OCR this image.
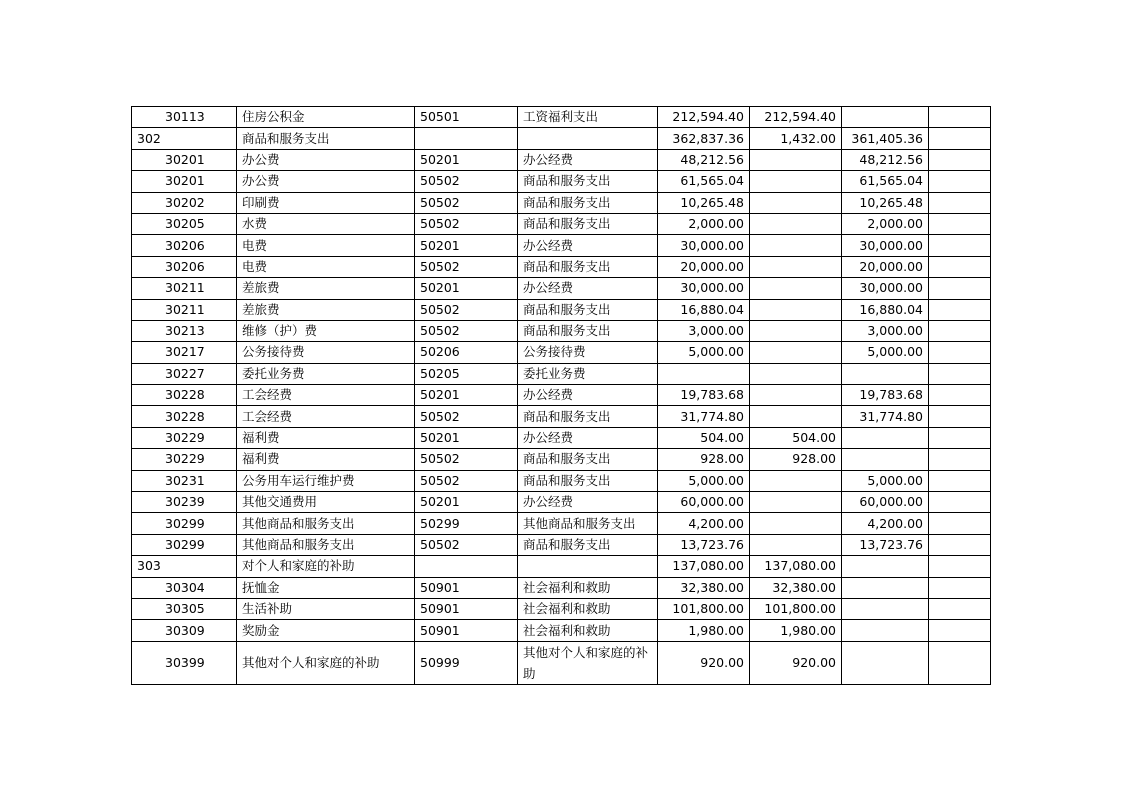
30113	住房公积金	50501	工资福利支出	212,594.40	212,594.40		
302	商品和服务支出			362,837.36	1,432.00	361,405.36	
30201	办公费	50201	办公经费	48,212.56		48,212.56	
30201	办公费	50502	商品和服务支出	61,565.04		61,565.04	
30202	印刷费	50502	商品和服务支出	10,265.48		10,265.48	
30205	水费	50502	商品和服务支出	2,000.00		2,000.00	
30206	电费	50201	办公经费	30,000.00		30,000.00	
30206	电费	50502	商品和服务支出	20,000.00		20,000.00	
30211	差旅费	50201	办公经费	30,000.00		30,000.00	
30211	差旅费	50502	商品和服务支出	16,880.04		16,880.04	
30213	维修（护）费	50502	商品和服务支出	3,000.00		3,000.00	
30217	公务接待费	50206	公务接待费	5,000.00		5,000.00	
30227	委托业务费	50205	委托业务费				
30228	工会经费	50201	办公经费	19,783.68		19,783.68	
30228	工会经费	50502	商品和服务支出	31,774.80		31,774.80	
30229	福利费	50201	办公经费	504.00	504.00		
30229	福利费	50502	商品和服务支出	928.00	928.00		
30231	公务用车运行维护费	50502	商品和服务支出	5,000.00		5,000.00	
30239	其他交通费用	50201	办公经费	60,000.00		60,000.00	
30299	其他商品和服务支出	50299	其他商品和服务支出	4,200.00		4,200.00	
30299	其他商品和服务支出	50502	商品和服务支出	13,723.76		13,723.76	
303	对个人和家庭的补助			137,080.00	137,080.00		
30304	抚恤金	50901	社会福利和救助	32,380.00	32,380.00		
30305	生活补助	50901	社会福利和救助	101,800.00	101,800.00		
30309	奖励金	50901	社会福利和救助	1,980.00	1,980.00		
30399	其他对个人和家庭的补助	50999	其他对个人和家庭的补助	920.00	920.00		
